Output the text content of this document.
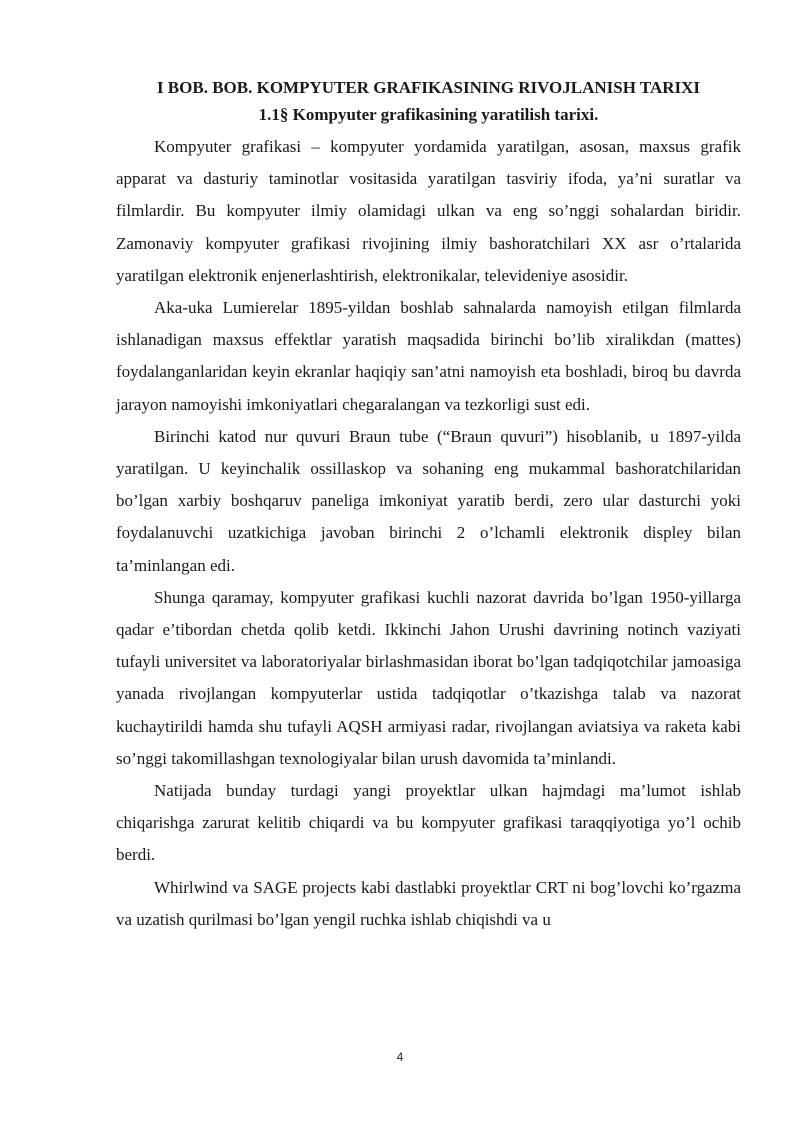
I BOB. BOB. KOMPYUTER GRAFIKASINING RIVOJLANISH TARIXI
1.1§ Kompyuter grafikasining yaratilish tarixi.

Kompyuter grafikasi – kompyuter yordamida yaratilgan, asosan, maxsus grafik apparat va dasturiy taminotlar vositasida yaratilgan tasviriy ifoda, ya’ni suratlar va filmlardir. Bu kompyuter ilmiy olamidagi ulkan va eng so’nggi sohalardan biridir. Zamonaviy kompyuter grafikasi rivojining ilmiy bashoratchilari XX asr o’rtalarida yaratilgan elektronik enjenerlashtirish, elektronikalar, televideniye asosidir.

Aka-uka Lumierelar 1895-yildan boshlab sahnalarda namoyish etilgan filmlarda ishlanadigan maxsus effektlar yaratish maqsadida birinchi bo’lib xiralikdan (mattes) foydalanganlaridan keyin ekranlar haqiqiy san’atni namoyish eta boshladi, biroq bu davrda jarayon namoyishi imkoniyatlari chegaralangan va tezkorligi sust edi.

Birinchi katod nur quvuri Braun tube (“Braun quvuri”) hisoblanib, u 1897-yilda yaratilgan. U keyinchalik ossillaskop va sohaning eng mukammal bashoratchilaridan bo’lgan xarbiy boshqaruv paneliga imkoniyat yaratib berdi, zero ular dasturchi yoki foydalanuvchi uzatkichiga javoban birinchi 2 o’lchamli elektronik displey bilan ta’minlangan edi.

Shunga qaramay, kompyuter grafikasi kuchli nazorat davrida bo’lgan 1950-yillarga qadar e’tibordan chetda qolib ketdi. Ikkinchi Jahon Urushi davrining notinch vaziyati tufayli universitet va laboratoriyalar birlashmasidan iborat bo’lgan tadqiqotchilar jamoasiga yanada rivojlangan kompyuterlar ustida tadqiqotlar o’tkazishga talab va nazorat kuchaytirildi hamda shu tufayli AQSH armiyasi radar, rivojlangan aviatsiya va raketa kabi so’nggi takomillashgan texnologiyalar bilan urush davomida ta’minlandi.

Natijada bunday turdagi yangi proyektlar ulkan hajmdagi ma’lumot ishlab chiqarishga zarurat kelitib chiqardi va bu kompyuter grafikasi taraqqiyotiga yo’l ochib berdi.

Whirlwind va SAGE projects kabi dastlabki proyektlar CRT ni bog’lovchi ko’rgazma va uzatish qurilmasi bo’lgan yengil ruchka ishlab chiqishdi va u

4
